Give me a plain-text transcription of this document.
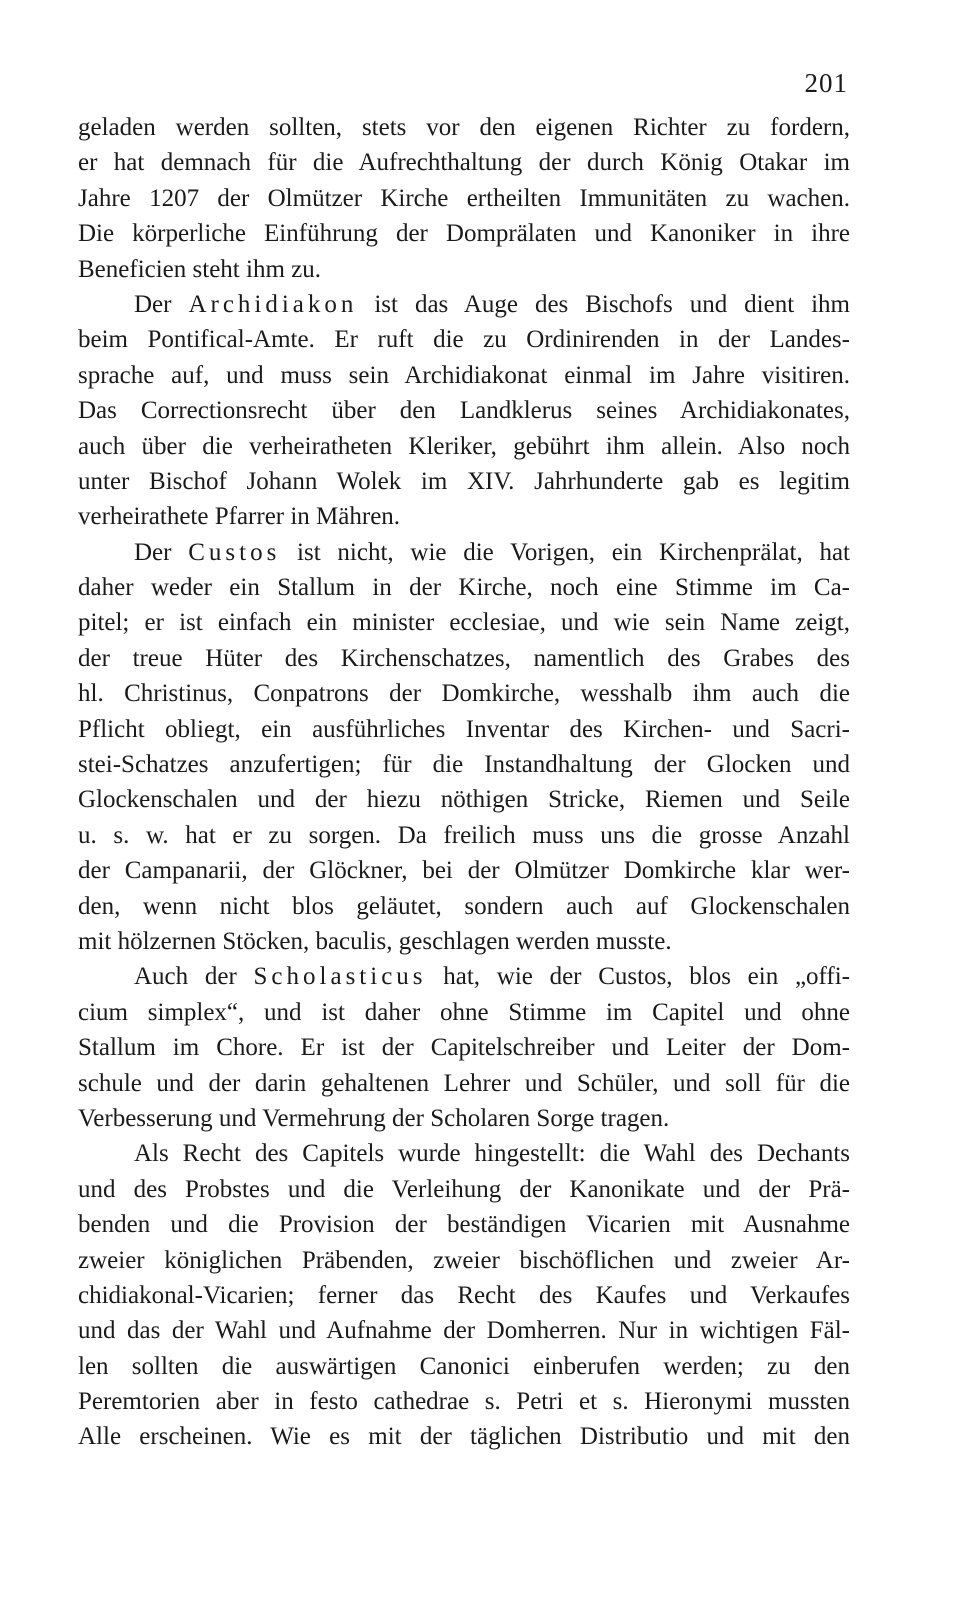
201
geladen werden sollten, stets vor den eigenen Richter zu fordern,
er hat demnach für die Aufrechthaltung der durch König Otakar im
Jahre 1207 der Olmützer Kirche ertheilten Immunitäten zu wachen.
Die körperliche Einführung der Domprälaten und Kanoniker in ihre
Beneficien steht ihm zu.
Der Archidiakon ist das Auge des Bischofs und dient ihm
beim Pontifical-Amte. Er ruft die zu Ordinirenden in der Landes-
sprache auf, und muss sein Archidiakonat einmal im Jahre visitiren.
Das Correctionsrecht über den Landklerus seines Archidiakonates,
auch über die verheiratheten Kleriker, gebührt ihm allein. Also noch
unter Bischof Johann Wolek im XIV. Jahrhunderte gab es legitim
verheirathete Pfarrer in Mähren.
Der Custos ist nicht, wie die Vorigen, ein Kirchenprälat, hat
daher weder ein Stallum in der Kirche, noch eine Stimme im Ca-
pitel; er ist einfach ein minister ecclesiae, und wie sein Name zeigt,
der treue Hüter des Kirchenschatzes, namentlich des Grabes des
hl. Christinus, Conpatrons der Domkirche, wesshalb ihm auch die
Pflicht obliegt, ein ausführliches Inventar des Kirchen- und Sacri-
stei-Schatzes anzufertigen; für die Instandhaltung der Glocken und
Glockenschalen und der hiezu nöthigen Stricke, Riemen und Seile
u. s. w. hat er zu sorgen. Da freilich muss uns die grosse Anzahl
der Campanarii, der Glöckner, bei der Olmützer Domkirche klar wer-
den, wenn nicht blos geläutet, sondern auch auf Glockenschalen
mit hölzernen Stöcken, baculis, geschlagen werden musste.
Auch der Scholasticus hat, wie der Custos, blos ein „offi-
cium simplex“, und ist daher ohne Stimme im Capitel und ohne
Stallum im Chore. Er ist der Capitelschreiber und Leiter der Dom-
schule und der darin gehaltenen Lehrer und Schüler, und soll für die
Verbesserung und Vermehrung der Scholaren Sorge tragen.
Als Recht des Capitels wurde hingestellt: die Wahl des Dechants
und des Probstes und die Verleihung der Kanonikate und der Prä-
benden und die Provision der beständigen Vicarien mit Ausnahme
zweier königlichen Präbenden, zweier bischöflichen und zweier Ar-
chidiakonal-Vicarien; ferner das Recht des Kaufes und Verkaufes
und das der Wahl und Aufnahme der Domherren. Nur in wichtigen Fäl-
len sollten die auswärtigen Canonici einberufen werden; zu den
Peremtorien aber in festo cathedrae s. Petri et s. Hieronymi mussten
Alle erscheinen. Wie es mit der täglichen Distributio und mit den
